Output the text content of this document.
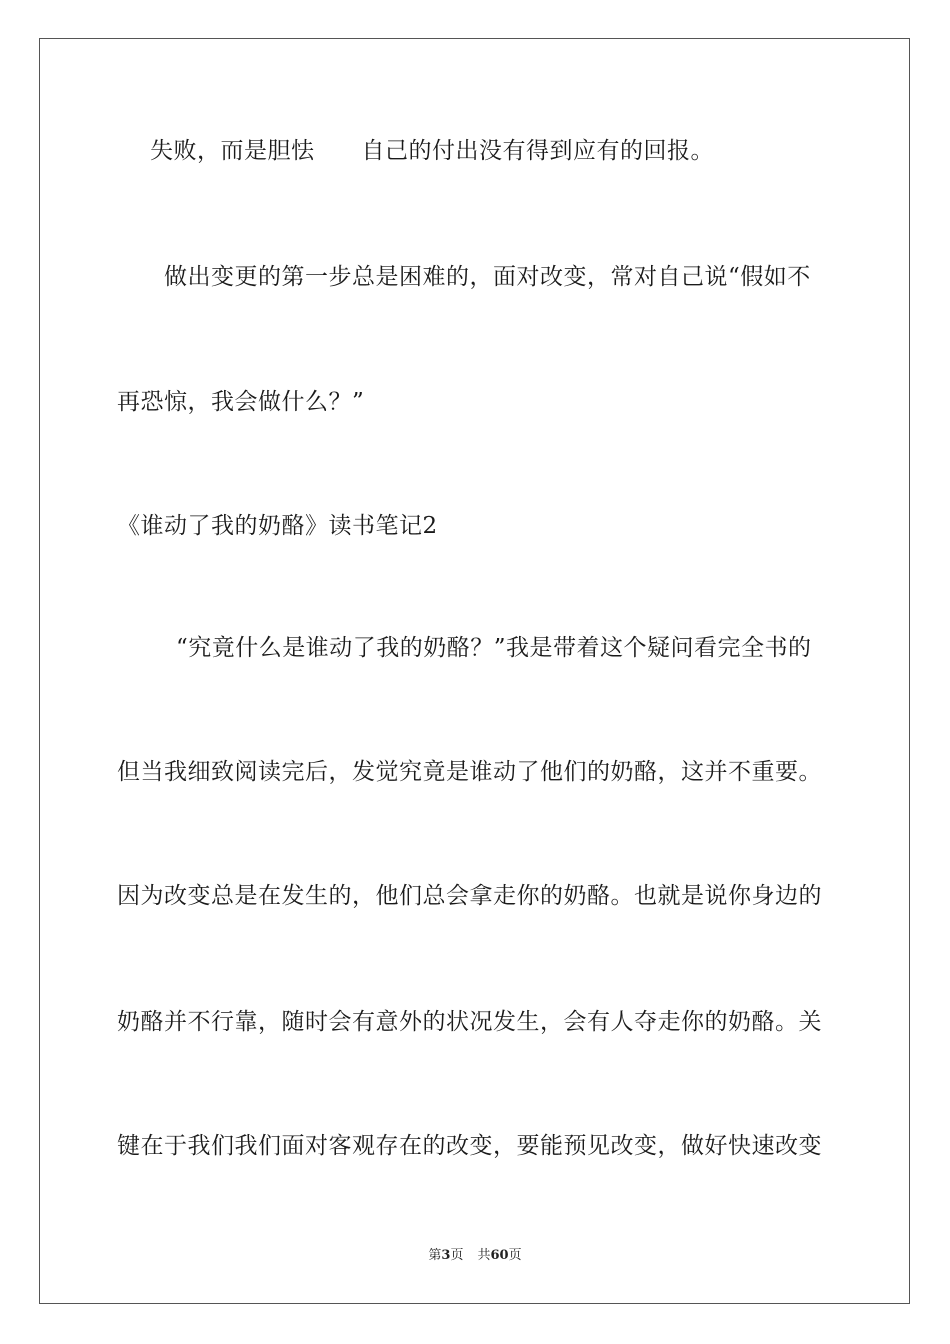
失败，而是胆怯　　自己的付出没有得到应有的回报。
做出变更的第一步总是困难的，面对改变，常对自己说“假如不
再恐惊，我会做什么？”
《谁动了我的奶酪》读书笔记2
“究竟什么是谁动了我的奶酪？”我是带着这个疑问看完全书的
但当我细致阅读完后，发觉究竟是谁动了他们的奶酪，这并不重要。
因为改变总是在发生的，他们总会拿走你的奶酪。也就是说你身边的
奶酪并不行靠，随时会有意外的状况发生，会有人夺走你的奶酪。关
键在于我们我们面对客观存在的改变，要能预见改变，做好快速改变
第3页 共60页
